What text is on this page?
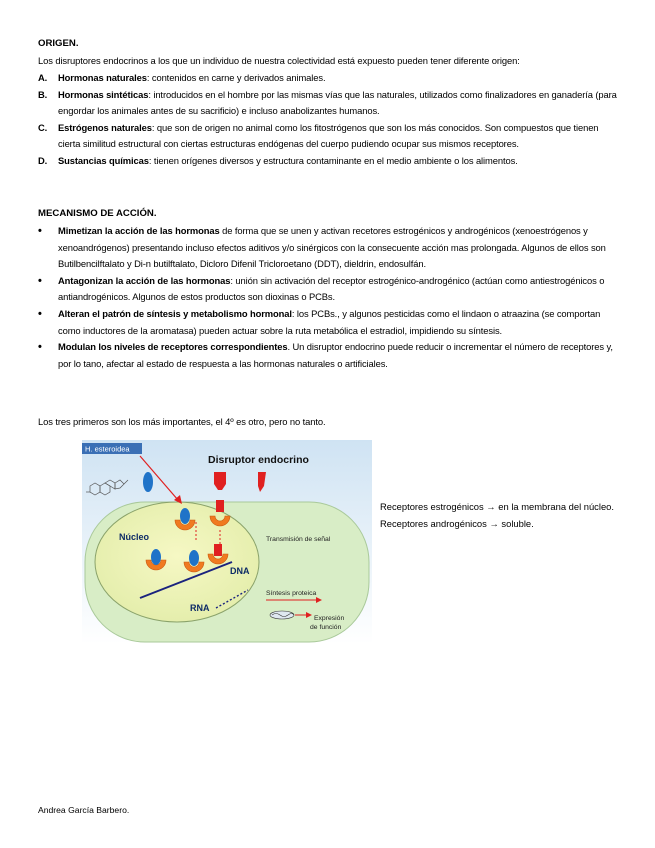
ORIGEN.
Los disruptores endocrinos a los que un individuo de nuestra colectividad está expuesto pueden tener diferente origen:
A. Hormonas naturales: contenidos en carne y derivados animales.
B. Hormonas sintéticas: introducidos en el hombre por las mismas vías que las naturales, utilizados como finalizadores en ganadería (para engordar los animales antes de su sacrificio) e incluso anabolizantes humanos.
C. Estrógenos naturales: que son de origen no animal como los fitostrógenos que son los más conocidos. Son compuestos que tienen cierta similitud estructural con ciertas estructuras endógenas del cuerpo pudiendo ocupar sus mismos receptores.
D. Sustancias químicas: tienen orígenes diversos y estructura contaminante en el medio ambiente o los alimentos.
MECANISMO DE ACCIÓN.
• Mimetizan la acción de las hormonas de forma que se unen y activan recetores estrogénicos y androgénicos (xenoestrógenos y xenoandrógenos) presentando incluso efectos aditivos y/o sinérgicos con la consecuente acción mas prolongada. Algunos de ellos son Butilbencilftalato y Di-n butilftalato, Dicloro Difenil Tricloroetano (DDT), dieldrin, endosulfán.
• Antagonizan la acción de las hormonas: unión sin activación del receptor estrogénico-androgénico (actúan como antiestrogénicos o antiandrogénicos. Algunos de estos productos son dioxinas o PCBs.
• Alteran el patrón de síntesis y metabolismo hormonal: los PCBs., y algunos pesticidas como el lindaon o atraazina (se comportan como inductores de la aromatasa) pueden actuar sobre la ruta metabólica el estradiol, impidiendo su síntesis.
• Modulan los niveles de receptores correspondientes. Un disruptor endocrino puede reducir o incrementar el número de receptores y, por lo tano, afectar al estado de respuesta a las hormonas naturales o artificiales.
Los tres primeros son los más importantes, el 4º es otro, pero no tanto.
H. esteroidea
Disruptor endocrino
Núcleo
DNA
RNA
Transmisión de señal
Síntesis proteica
Expresión
de función
Receptores estrogénicos → en la membrana del núcleo.
Receptores androgénicos → soluble.
Andrea García Barbero.
